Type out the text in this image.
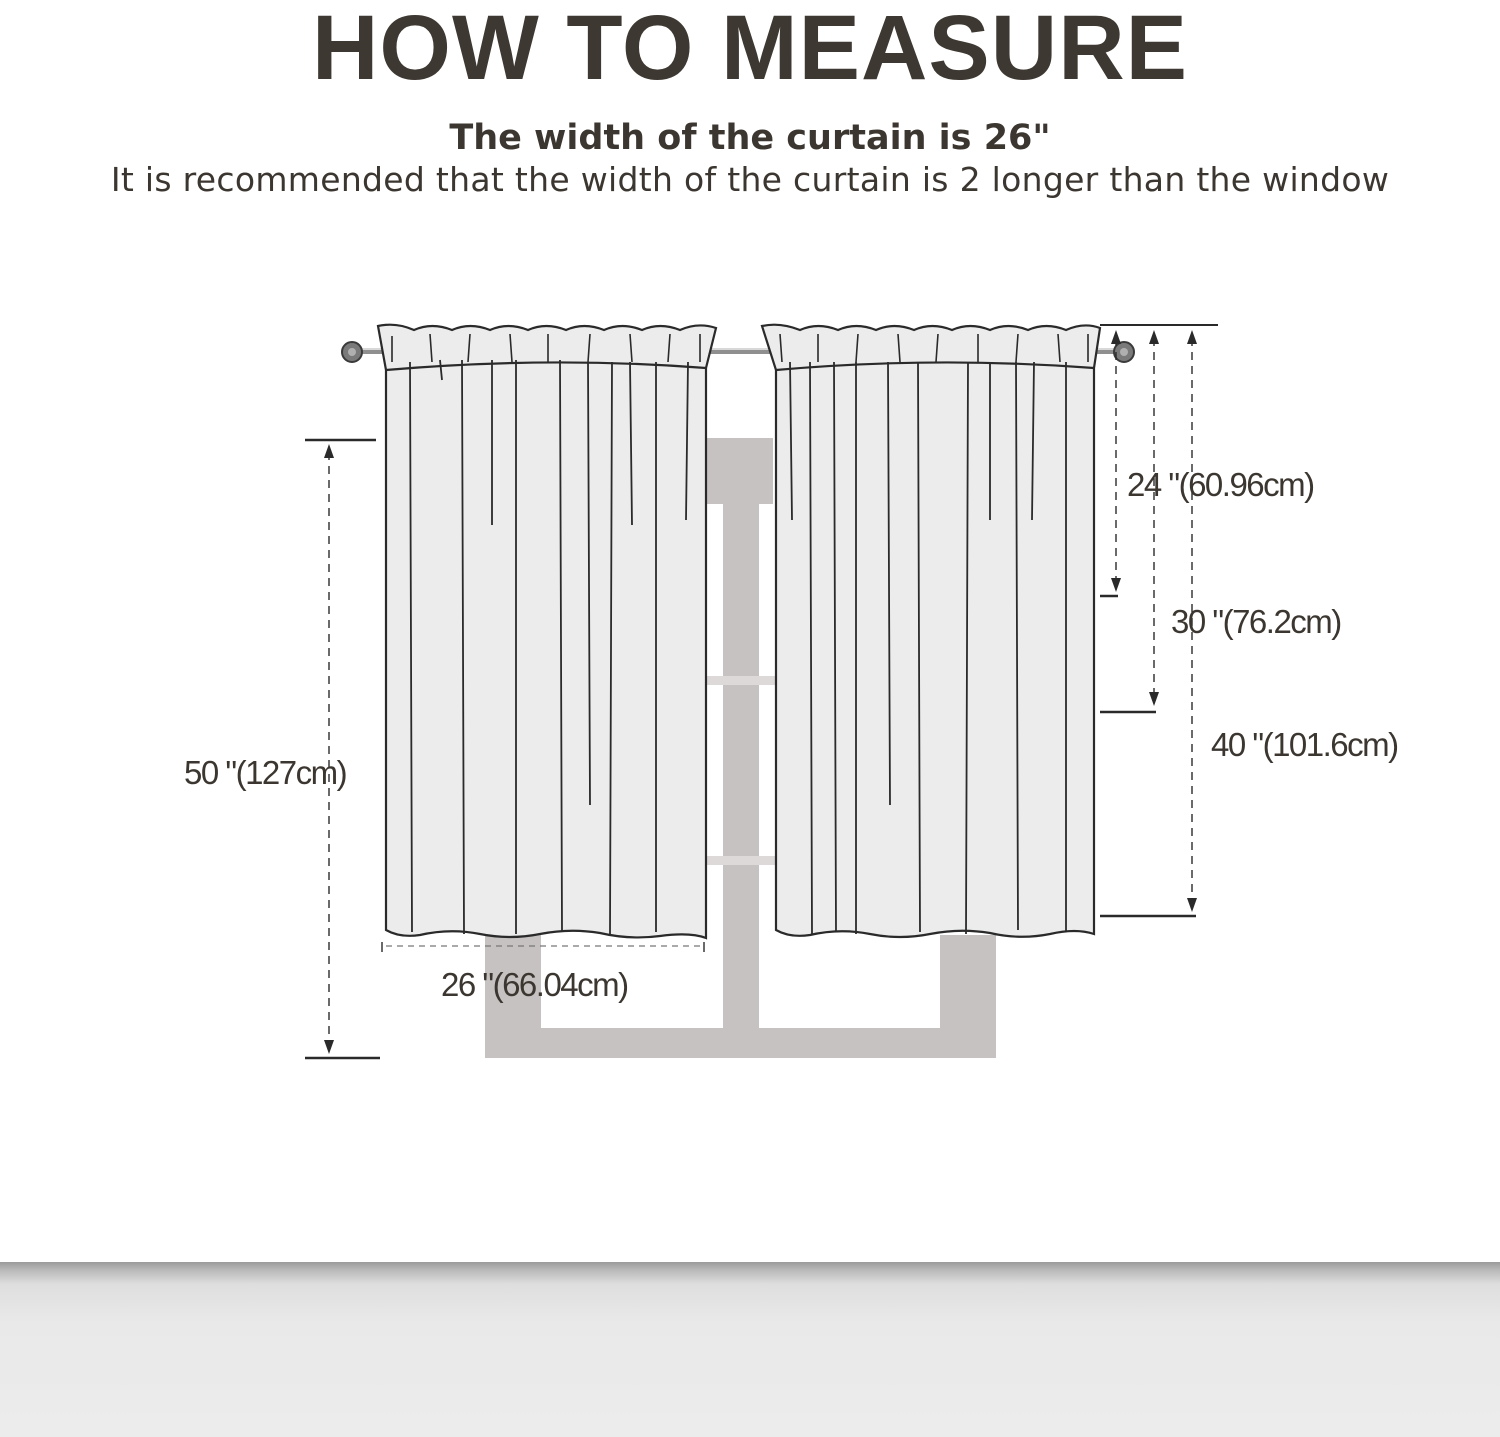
HOW TO MEASURE
The width of the curtain is 26"
It is recommended that the width of the curtain is 2 longer than the window
24 "(60.96cm)
30 "(76.2cm)
40 "(101.6cm)
50 "(127cm)
26 "(66.04cm)
